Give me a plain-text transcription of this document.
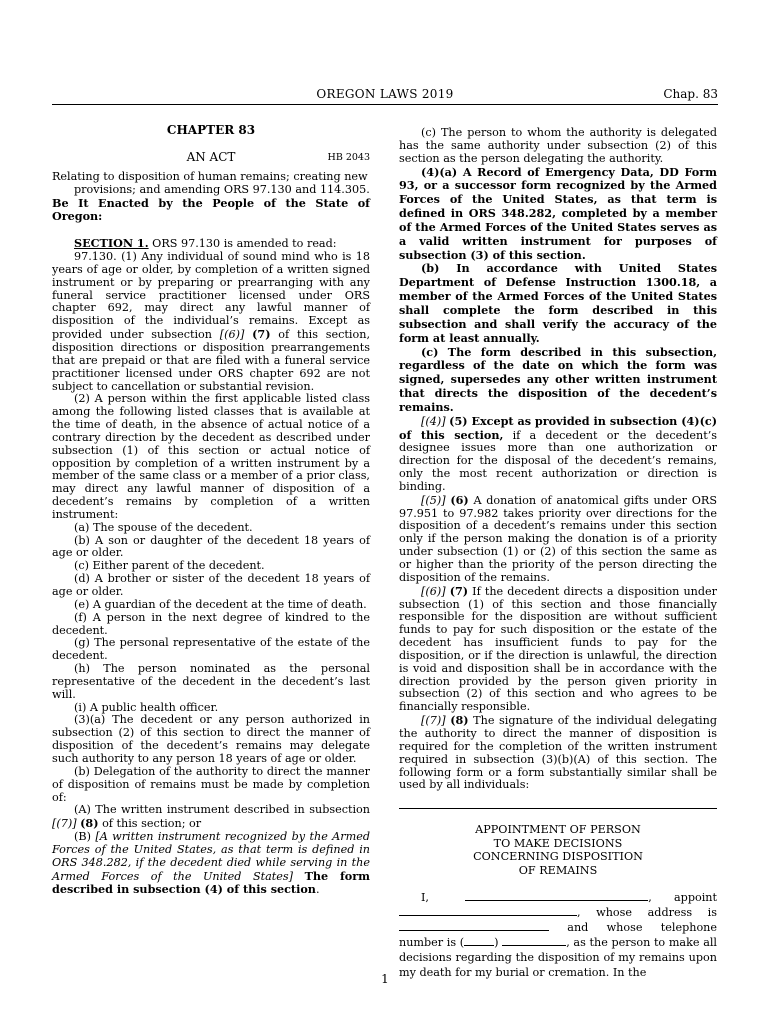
OREGON LAWS 2019	Chap. 83
CHAPTER 83
AN ACT	HB 2043

Relating to disposition of human remains; creating new provisions; and amending ORS 97.130 and 114.305.

Be It Enacted by the People of the State of Oregon:

SECTION 1. ORS 97.130 is amended to read:

97.130. (1) Any individual of sound mind who is 18 years of age or older, by completion of a written signed instrument or by preparing or prearranging with any funeral service practitioner licensed under ORS chapter 692, may direct any lawful manner of disposition of the individual’s remains. Except as provided under subsection [(6)] (7) of this section, disposition directions or disposition prearrangements that are prepaid or that are filed with a funeral service practitioner licensed under ORS chapter 692 are not subject to cancellation or substantial revision.

(2) A person within the first applicable listed class among the following listed classes that is available at the time of death, in the absence of actual notice of a contrary direction by the decedent as described under subsection (1) of this section or actual notice of opposition by completion of a written instrument by a member of the same class or a member of a prior class, may direct any lawful manner of disposition of a decedent’s remains by completion of a written instrument:

(a) The spouse of the decedent.

(b) A son or daughter of the decedent 18 years of age or older.

(c) Either parent of the decedent.

(d) A brother or sister of the decedent 18 years of age or older.

(e) A guardian of the decedent at the time of death.

(f) A person in the next degree of kindred to the decedent.

(g) The personal representative of the estate of the decedent.

(h) The person nominated as the personal representative of the decedent in the decedent’s last will.

(i) A public health officer.

(3)(a) The decedent or any person authorized in subsection (2) of this section to direct the manner of disposition of the decedent’s remains may delegate such authority to any person 18 years of age or older.

(b) Delegation of the authority to direct the manner of disposition of remains must be made by completion of:

(A) The written instrument described in subsection [(7)] (8) of this section; or

(B) [A written instrument recognized by the Armed Forces of the United States, as that term is defined in ORS 348.282, if the decedent died while serving in the Armed Forces of the United States] The form described in subsection (4) of this section.

(c) The person to whom the authority is delegated has the same authority under subsection (2) of this section as the person delegating the authority.

(4)(a) A Record of Emergency Data, DD Form 93, or a successor form recognized by the Armed Forces of the United States, as that term is defined in ORS 348.282, completed by a member of the Armed Forces of the United States serves as a valid written instrument for purposes of subsection (3) of this section.

(b) In accordance with United States Department of Defense Instruction 1300.18, a member of the Armed Forces of the United States shall complete the form described in this subsection and shall verify the accuracy of the form at least annually.

(c) The form described in this subsection, regardless of the date on which the form was signed, supersedes any other written instrument that directs the disposition of the decedent’s remains.

[(4)] (5) Except as provided in subsection (4)(c) of this section, if a decedent or the decedent’s designee issues more than one authorization or direction for the disposal of the decedent’s remains, only the most recent authorization or direction is binding.

[(5)] (6) A donation of anatomical gifts under ORS 97.951 to 97.982 takes priority over directions for the disposition of a decedent’s remains under this section only if the person making the donation is of a priority under subsection (1) or (2) of this section the same as or higher than the priority of the person directing the disposition of the remains.

[(6)] (7) If the decedent directs a disposition under subsection (1) of this section and those financially responsible for the disposition are without sufficient funds to pay for such disposition or the estate of the decedent has insufficient funds to pay for the disposition, or if the direction is unlawful, the direction is void and disposition shall be in accordance with the direction provided by the person given priority in subsection (2) of this section and who agrees to be financially responsible.

[(7)] (8) The signature of the individual delegating the authority to direct the manner of disposition is required for the completion of the written instrument required in subsection (3)(b)(A) of this section. The following form or a form substantially similar shall be used by all individuals:

APPOINTMENT OF PERSON
TO MAKE DECISIONS
CONCERNING DISPOSITION
OF REMAINS

I,	, appoint , whose address is  and whose telephone number is (	)	, as the person to make all decisions regarding the disposition of my remains upon my death for my burial or cremation. In the

1
